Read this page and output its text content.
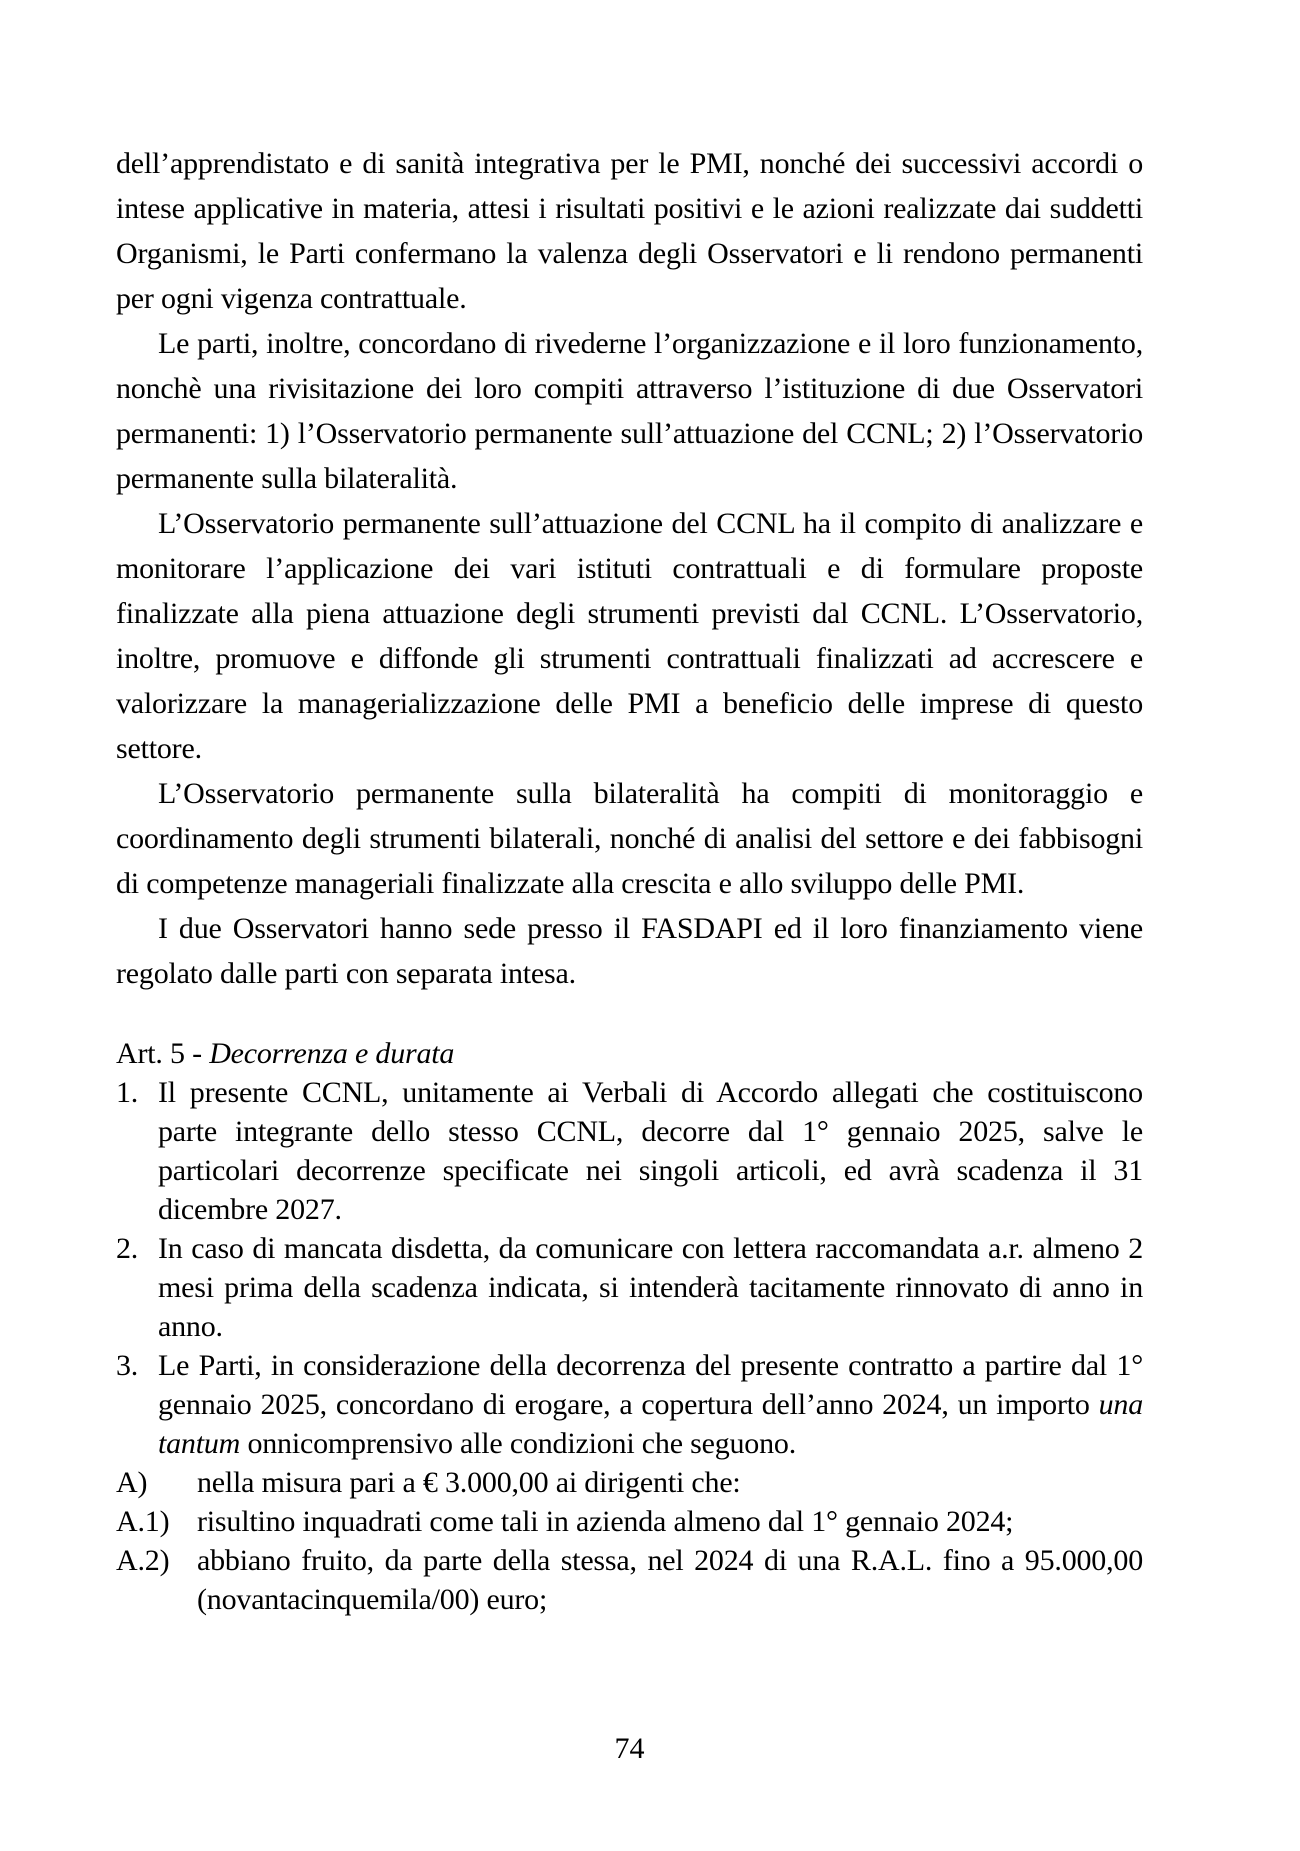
dell’apprendistato e di sanità integrativa per le PMI, nonché dei successivi accordi o intese applicative in materia, attesi i risultati positivi e le azioni realizzate dai suddetti Organismi, le Parti confermano la valenza degli Osservatori e li rendono permanenti per ogni vigenza contrattuale.

Le parti, inoltre, concordano di rivederne l’organizzazione e il loro funzionamento, nonchè una rivisitazione dei loro compiti attraverso l’istituzione di due Osservatori permanenti: 1) l’Osservatorio permanente sull’attuazione del CCNL; 2) l’Osservatorio permanente sulla bilateralità.

L’Osservatorio permanente sull’attuazione del CCNL ha il compito di analizzare e monitorare l’applicazione dei vari istituti contrattuali e di formulare proposte finalizzate alla piena attuazione degli strumenti previsti dal CCNL. L’Osservatorio, inoltre, promuove e diffonde gli strumenti contrattuali finalizzati ad accrescere e valorizzare la managerializzazione delle PMI a beneficio delle imprese di questo settore.

L’Osservatorio permanente sulla bilateralità ha compiti di monitoraggio e coordinamento degli strumenti bilaterali, nonché di analisi del settore e dei fabbisogni di competenze manageriali finalizzate alla crescita e allo sviluppo delle PMI.

I due Osservatori hanno sede presso il FASDAPI ed il loro finanziamento viene regolato dalle parti con separata intesa.

Art. 5 - Decorrenza e durata
1. Il presente CCNL, unitamente ai Verbali di Accordo allegati che costituiscono parte integrante dello stesso CCNL, decorre dal 1° gennaio 2025, salve le particolari decorrenze specificate nei singoli articoli, ed avrà scadenza il 31 dicembre 2027.
2. In caso di mancata disdetta, da comunicare con lettera raccomandata a.r. almeno 2 mesi prima della scadenza indicata, si intenderà tacitamente rinnovato di anno in anno.
3. Le Parti, in considerazione della decorrenza del presente contratto a partire dal 1° gennaio 2025, concordano di erogare, a copertura dell’anno 2024, un importo una tantum onnicomprensivo alle condizioni che seguono.
A) nella misura pari a € 3.000,00 ai dirigenti che:
A.1) risultino inquadrati come tali in azienda almeno dal 1° gennaio 2024;
A.2) abbiano fruito, da parte della stessa, nel 2024 di una R.A.L. fino a 95.000,00 (novantacinquemila/00) euro;
74
